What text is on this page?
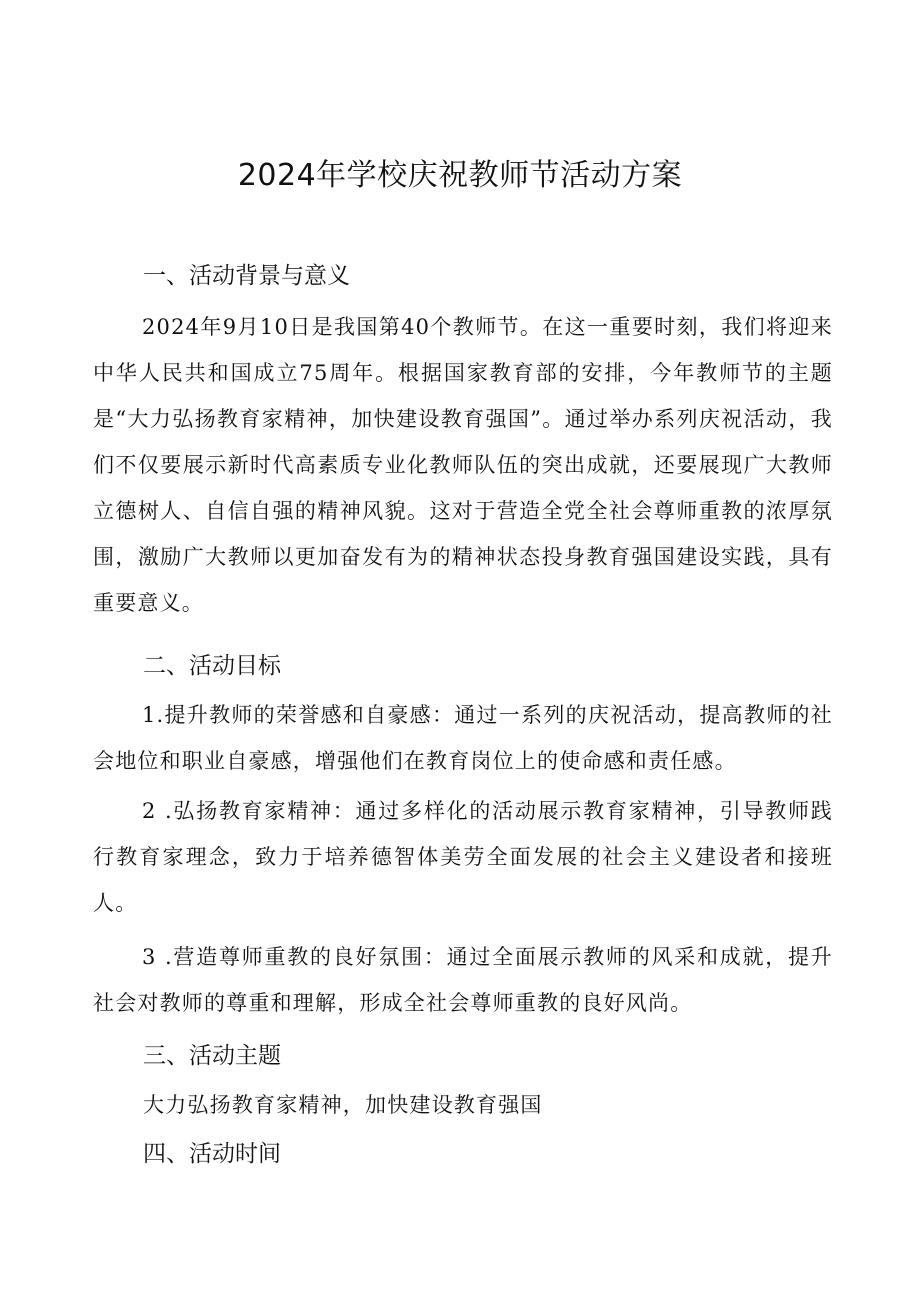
2024年学校庆祝教师节活动方案
一、活动背景与意义
2024年9月10日是我国第40个教师节。在这一重要时刻，我们将迎来中华人民共和国成立75周年。根据国家教育部的安排，今年教师节的主题是“大力弘扬教育家精神，加快建设教育强国”。通过举办系列庆祝活动，我们不仅要展示新时代高素质专业化教师队伍的突出成就，还要展现广大教师立德树人、自信自强的精神风貌。这对于营造全党全社会尊师重教的浓厚氛围，激励广大教师以更加奋发有为的精神状态投身教育强国建设实践，具有重要意义。
二、活动目标
1.提升教师的荣誉感和自豪感：通过一系列的庆祝活动，提高教师的社会地位和职业自豪感，增强他们在教育岗位上的使命感和责任感。
2 .弘扬教育家精神：通过多样化的活动展示教育家精神，引导教师践行教育家理念，致力于培养德智体美劳全面发展的社会主义建设者和接班人。
3 .营造尊师重教的良好氛围：通过全面展示教师的风采和成就，提升社会对教师的尊重和理解，形成全社会尊师重教的良好风尚。
三、活动主题
大力弘扬教育家精神，加快建设教育强国
四、活动时间
